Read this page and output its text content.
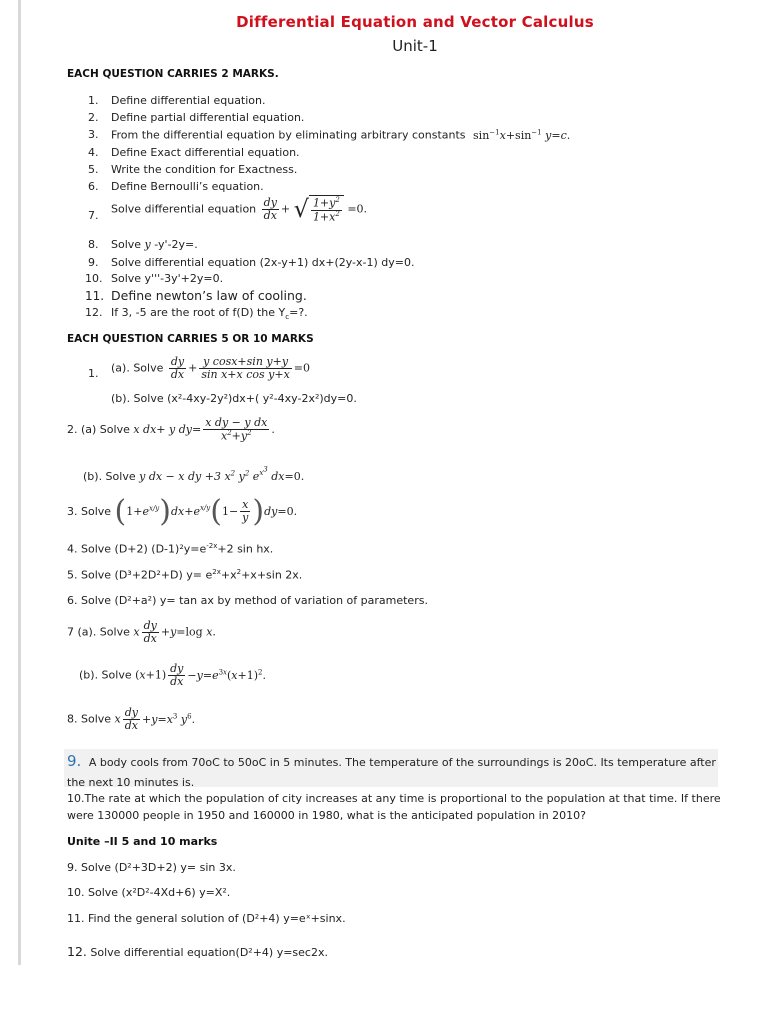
Differential Equation and Vector Calculus
Unit-1
EACH QUESTION CARRIES 2 MARKS.
1. Define differential equation.
2. Define partial differential equation.
3. From the differential equation by eliminating arbitrary constants $\sin^{-1}x+\sin^{-1}$ y=c.
4. Define Exact differential equation.
5. Write the condition for Exactness.
6. Define Bernoulli’s equation.
7. Solve differential equation $\frac{dy}{dx}$ + √ $\frac{1+y^2}{1+x^2} =0$.
8. Solve y -y'-2y=.
9. Solve differential equation (2x-y+1) dx+(2y-x-1) dy=0.
10. Solve y'''-3y'+2y=0.
11. Define newton’s law of cooling.
12. If 3, -5 are the root of f(D) the $Y_c=$?.
EACH QUESTION CARRIES 5 OR 10 MARKS
1. (a). Solve $\frac{dy}{dx} + \frac{\text{y cosx+sin y+y}}{\text{sin x+x cos y+x}} =0$
(b). Solve (x²-4xy-2y²)dx+( y²-4xy-2x²)dy=0.
2. (a) Solve x dx+ y $dy= \frac{\text{x dy − y dx}}{x^2+y^2}$ .
(b). Solve y dx − x dy +3 $x^2$ $y^2$ $e^{x^3}$ dx=0.
3. Solve $(1+e^{x/y})dx+e^{x/y}(1- \frac{x}{y} )dy=0$.
4. Solve (D+2) $(D-1)^2y=e^{-2x}+2$ sin hx.
5. Solve (D³+2D²+D) $y= e^{2x}+x^2+x+\sin$ 2x.
6. Solve (D²+a²) y= tan ax by method of variation of parameters.
7 (a). Solve x $\frac{dy}{dx} +y=\log$ x.
(b). Solve $(x+1) \frac{dy}{dx} -y=e^{3x}(x+1)^2$.
8. Solve x $\frac{dy}{dx} +y=x^3$ $y^6$.
9. A body cools from 70oC to 50oC in 5 minutes. The temperature of the surroundings is 20oC. Its temperature after
the next 10 minutes is.
10.The rate at which the population of city increases at any time is proportional to the population at that time. If there
were 130000 people in 1950 and 160000 in 1980, what is the anticipated population in 2010?
Unite –II 5 and 10 marks
9. Solve (D²+3D+2) y= sin 3x.
10. Solve (x²D²-4Xd+6) y=X².
11. Find the general solution of (D²+4) y=eˣ+sinx.
12. Solve differential equation(D²+4) y=sec2x.
